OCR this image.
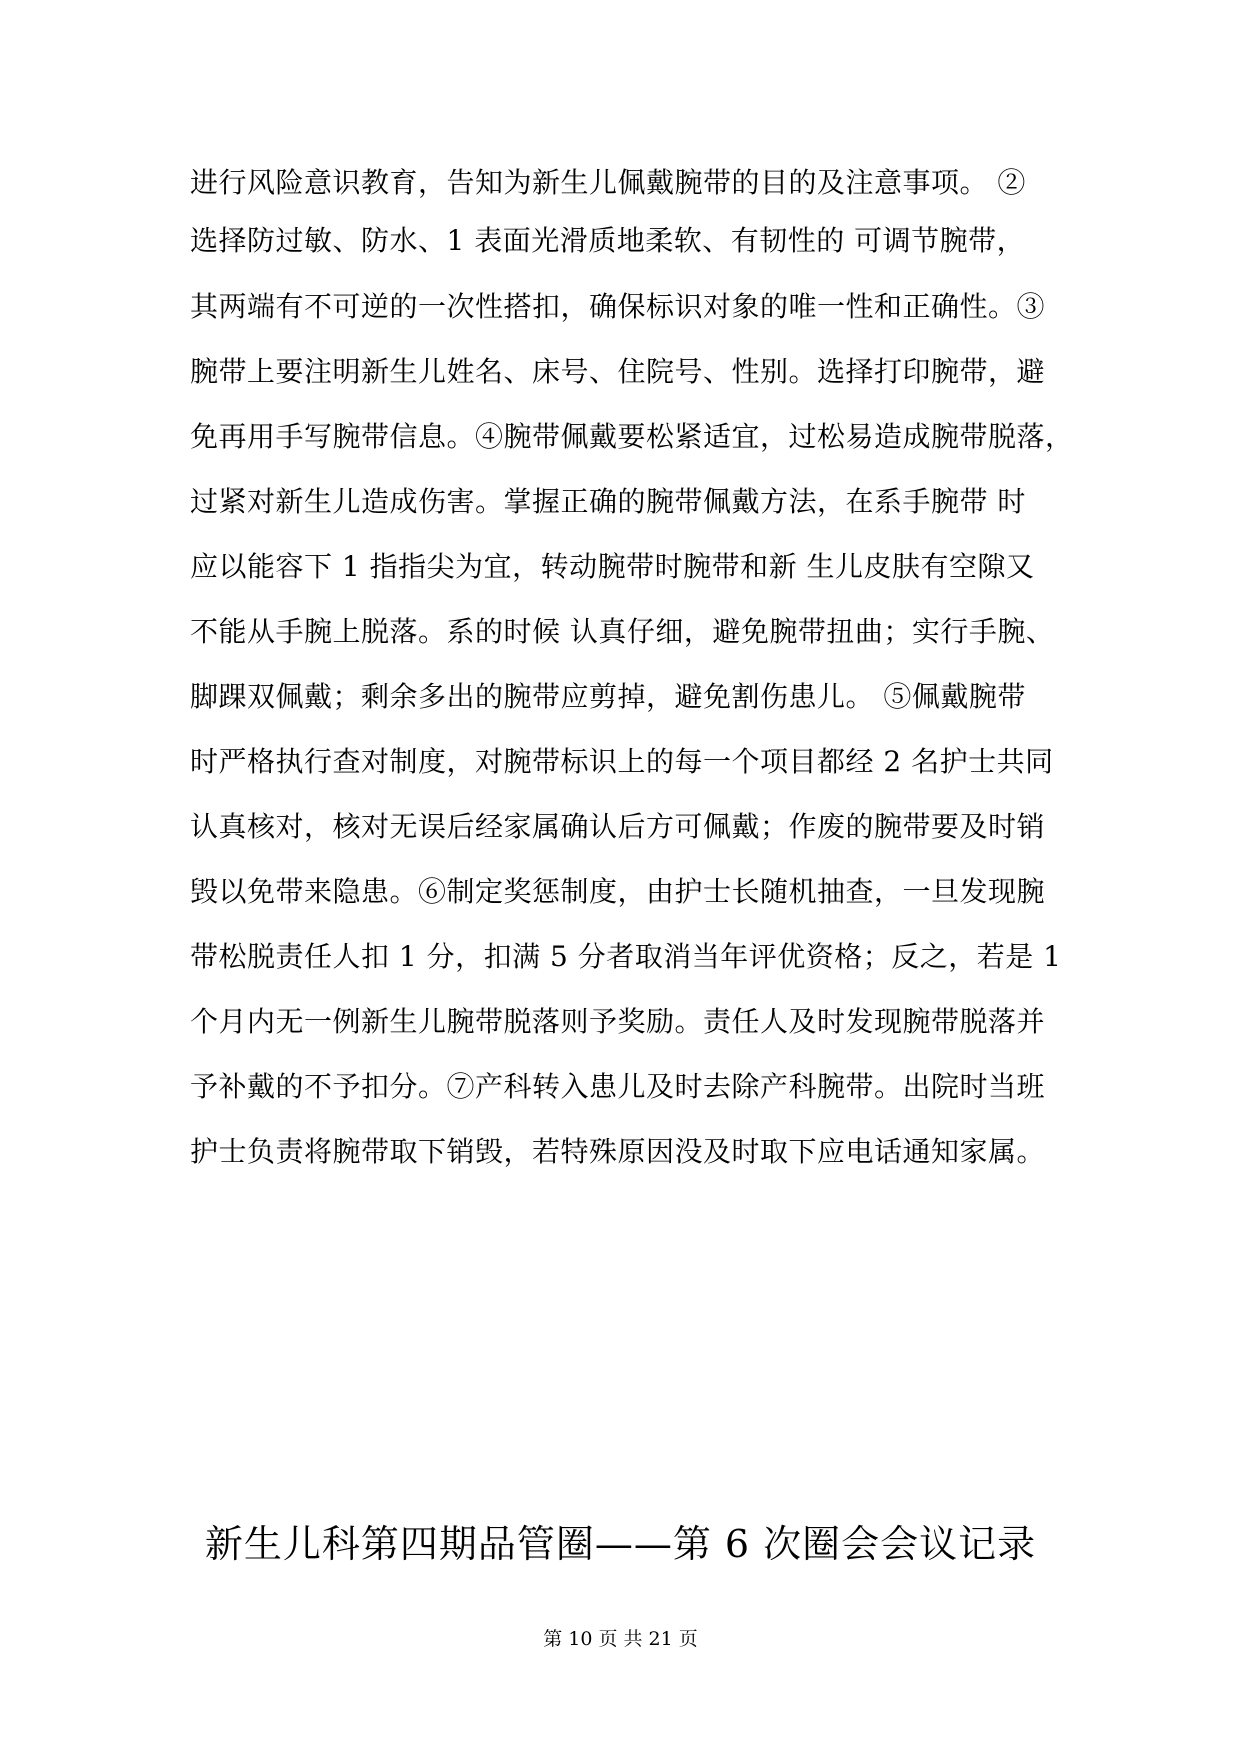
进行风险意识教育，告知为新生儿佩戴腕带的目的及注意事项。 ②
选择防过敏、防水、1 表面光滑质地柔软、有韧性的 可调节腕带，
其两端有不可逆的一次性搭扣，确保标识对象的唯一性和正确性。③
腕带上要注明新生儿姓名、床号、住院号、性别。选择打印腕带，避
免再用手写腕带信息。④腕带佩戴要松紧适宜，过松易造成腕带脱落，
过紧对新生儿造成伤害。掌握正确的腕带佩戴方法，在系手腕带 时
应以能容下 1 指指尖为宜，转动腕带时腕带和新 生儿皮肤有空隙又
不能从手腕上脱落。系的时候 认真仔细，避免腕带扭曲；实行手腕、
脚踝双佩戴；剩余多出的腕带应剪掉，避免割伤患儿。 ⑤佩戴腕带
时严格执行查对制度，对腕带标识上的每一个项目都经 2 名护士共同
认真核对，核对无误后经家属确认后方可佩戴；作废的腕带要及时销
毁以免带来隐患。⑥制定奖惩制度，由护士长随机抽查，一旦发现腕
带松脱责任人扣 1 分，扣满 5 分者取消当年评优资格；反之，若是 1
个月内无一例新生儿腕带脱落则予奖励。责任人及时发现腕带脱落并
予补戴的不予扣分。⑦产科转入患儿及时去除产科腕带。出院时当班
护士负责将腕带取下销毁，若特殊原因没及时取下应电话通知家属。
新生儿科第四期品管圈——第 6 次圈会会议记录
第 10 页 共 21 页
